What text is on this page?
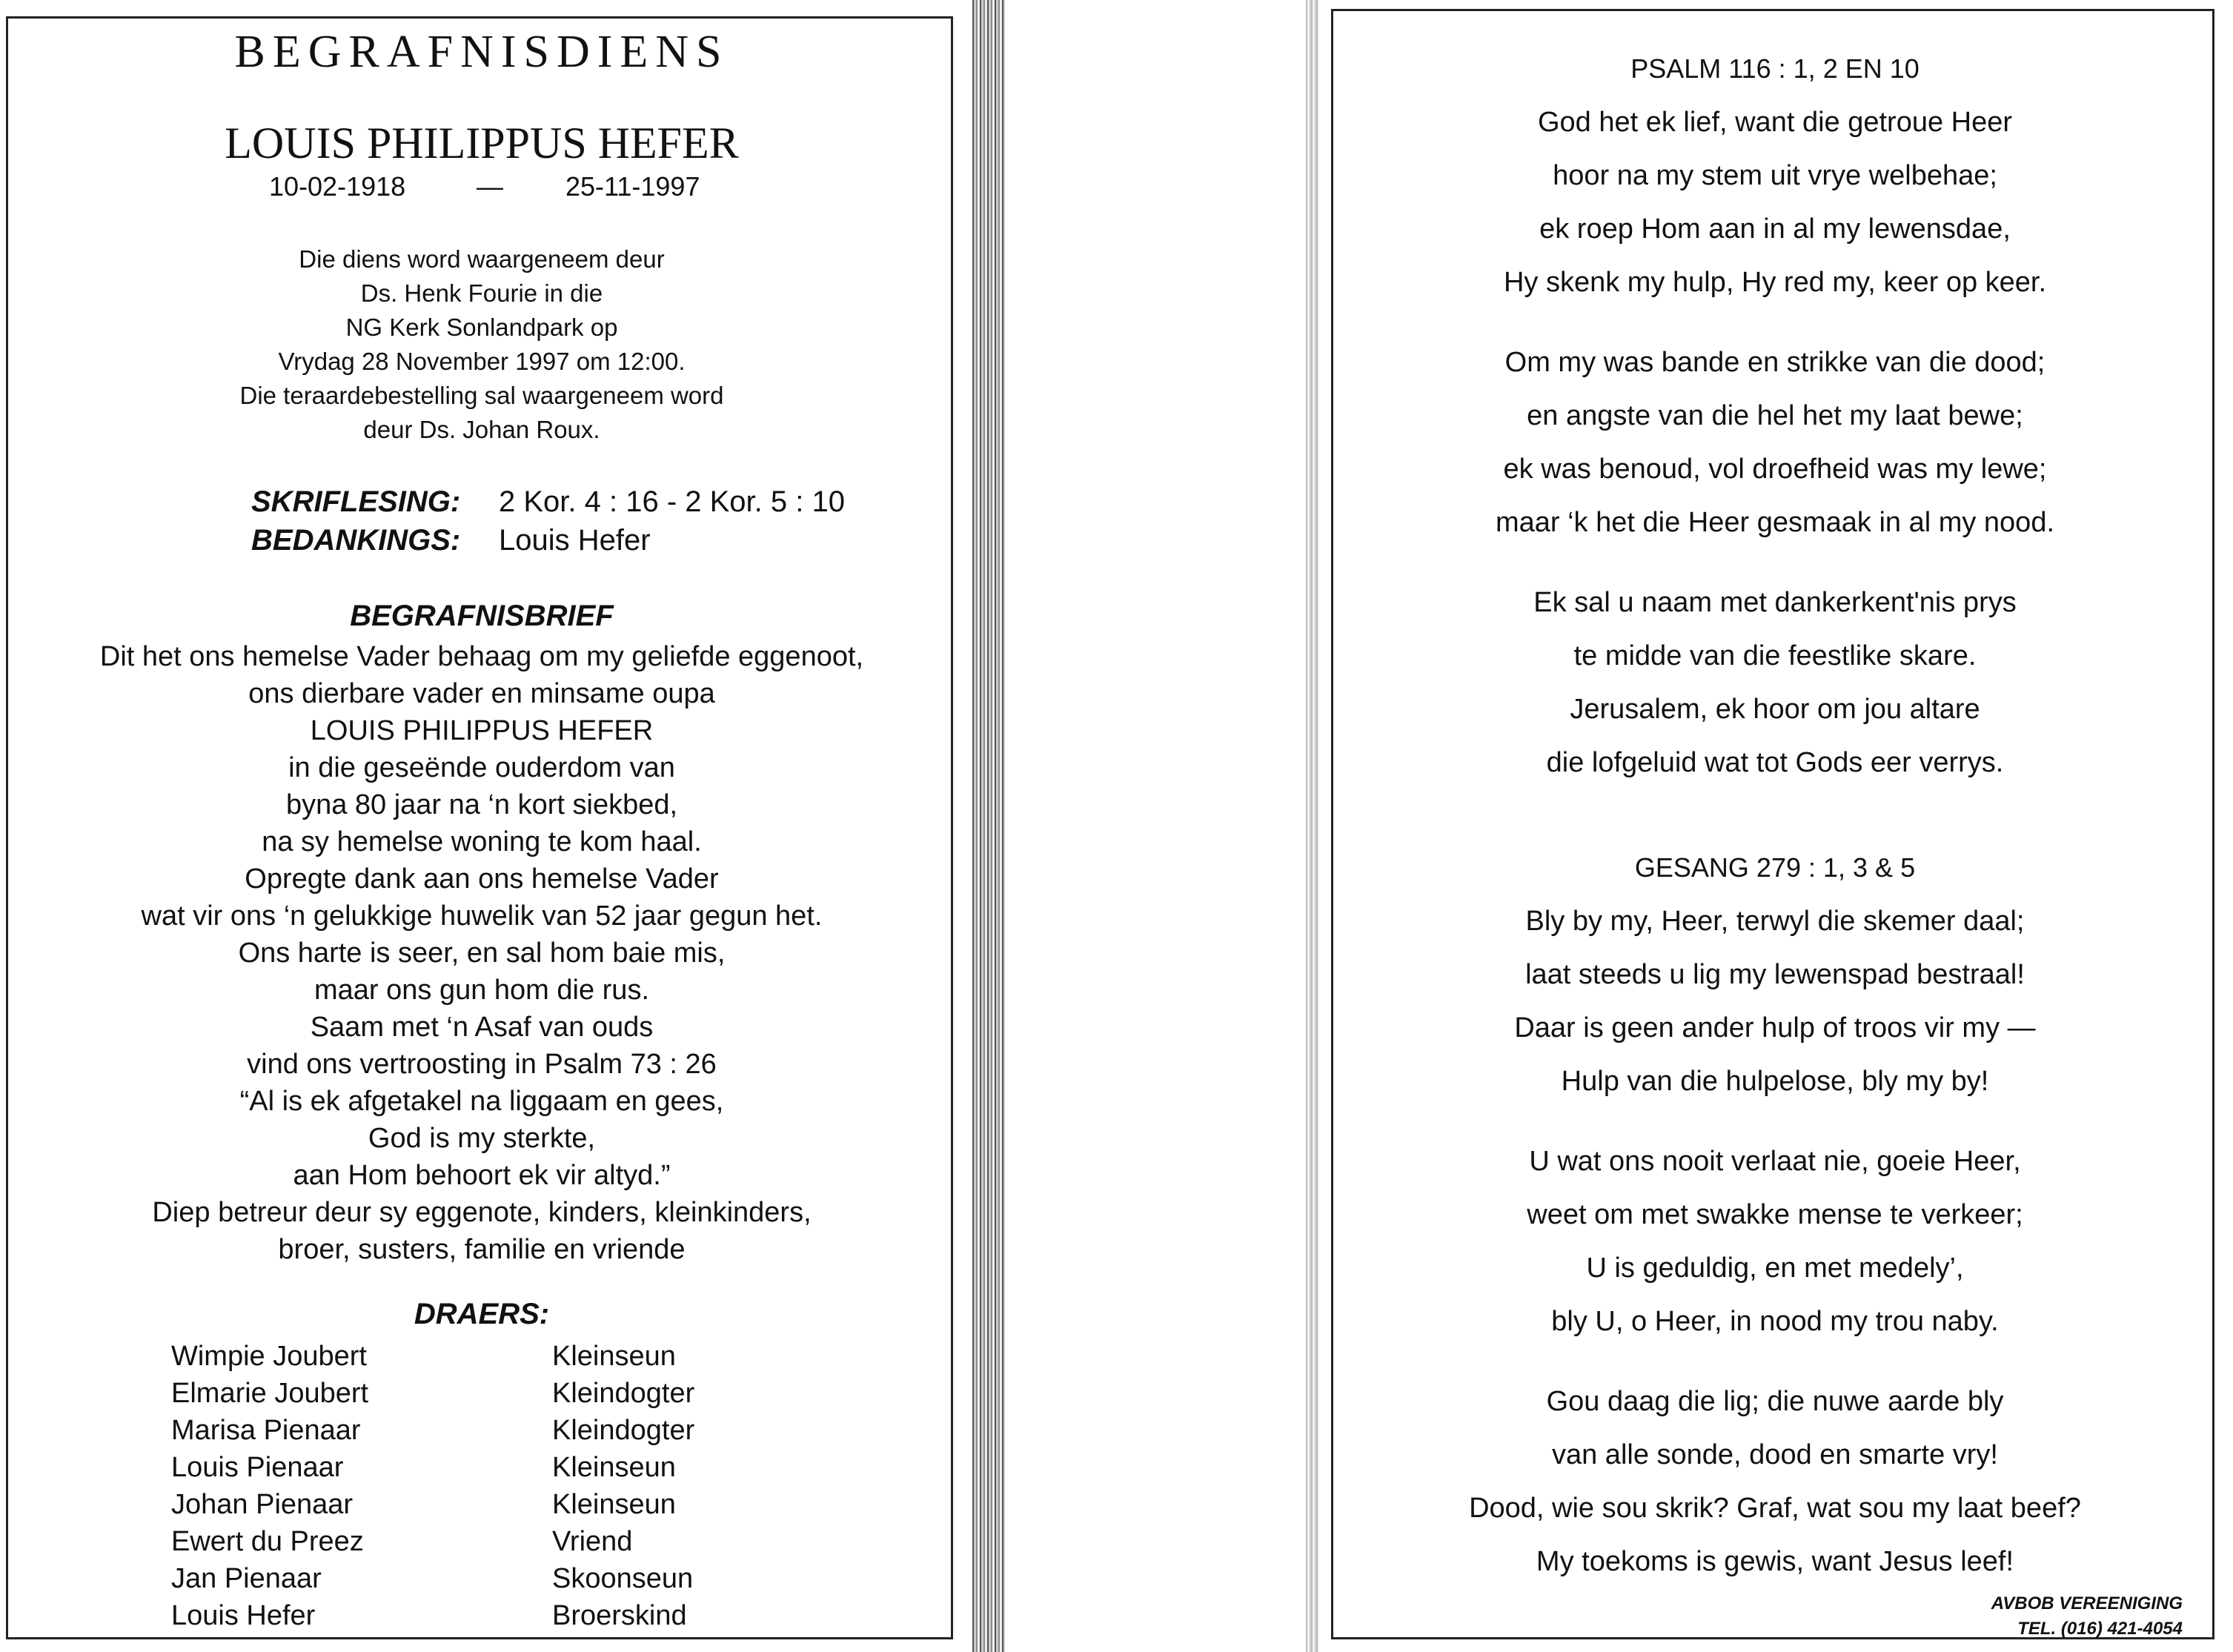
BEGRAFNISDIENS
LOUIS PHILIPPUS HEFER
10-02-1918	— 25-11-1997
Die diens word waargeneem deur
Ds. Henk Fourie in die
NG Kerk Sonlandpark op
Vrydag 28 November 1997 om 12:00.
Die teraardebestelling sal waargeneem word
deur Ds. Johan Roux.
SKRIFLESING: 2 Kor. 4 : 16 - 2 Kor. 5 : 10
BEDANKINGS: Louis Hefer
BEGRAFNISBRIEF
Dit het ons hemelse Vader behaag om my geliefde eggenoot,
ons dierbare vader en minsame oupa
LOUIS PHILIPPUS HEFER
in die geseënde ouderdom van
byna 80 jaar na ‘n kort siekbed,
na sy hemelse woning te kom haal.
Opregte dank aan ons hemelse Vader
wat vir ons ‘n gelukkige huwelik van 52 jaar gegun het.
Ons harte is seer, en sal hom baie mis,
maar ons gun hom die rus.
Saam met ‘n Asaf van ouds
vind ons vertroosting in Psalm 73 : 26
“Al is ek afgetakel na liggaam en gees,
God is my sterkte,
aan Hom behoort ek vir altyd.”
Diep betreur deur sy eggenote, kinders, kleinkinders,
broer, susters, familie en vriende
DRAERS:
Wimpie Joubert	Kleinseun
Elmarie Joubert	Kleindogter
Marisa Pienaar	Kleindogter
Louis Pienaar	Kleinseun
Johan Pienaar	Kleinseun
Ewert du Preez	Vriend
Jan Pienaar	Skoonseun
Louis Hefer	Broerskind
PSALM 116 : 1, 2 EN 10
God het ek lief, want die getroue Heer
hoor na my stem uit vrye welbehae;
ek roep Hom aan in al my lewensdae,
Hy skenk my hulp, Hy red my, keer op keer.
Om my was bande en strikke van die dood;
en angste van die hel het my laat bewe;
ek was benoud, vol droefheid was my lewe;
maar ‘k het die Heer gesmaak in al my nood.
Ek sal u naam met dankerkent'nis prys
te midde van die feestlike skare.
Jerusalem, ek hoor om jou altare
die lofgeluid wat tot Gods eer verrys.
GESANG 279 : 1, 3 & 5
Bly by my, Heer, terwyl die skemer daal;
laat steeds u lig my lewenspad bestraal!
Daar is geen ander hulp of troos vir my —
Hulp van die hulpelose, bly my by!
U wat ons nooit verlaat nie, goeie Heer,
weet om met swakke mense te verkeer;
U is geduldig, en met medely’,
bly U, o Heer, in nood my trou naby.
Gou daag die lig; die nuwe aarde bly
van alle sonde, dood en smarte vry!
Dood, wie sou skrik? Graf, wat sou my laat beef?
My toekoms is gewis, want Jesus leef!
AVBOB VEREENIGING
TEL. (016) 421-4054
